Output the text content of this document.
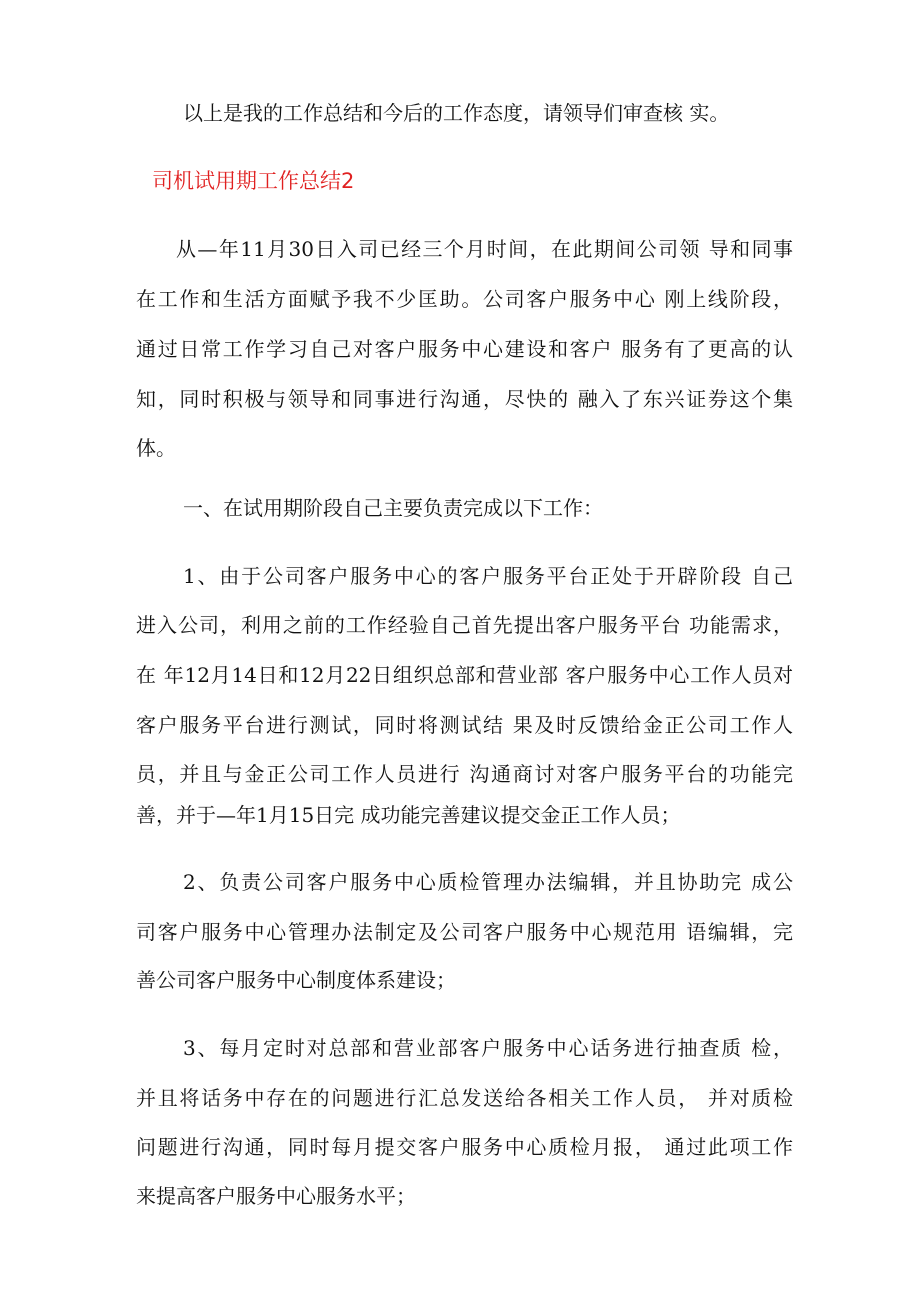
以上是我的工作总结和今后的工作态度，请领导们审查核 实。
司机试用期工作总结2
从—年11月30日入司已经三个月时间，在此期间公司领 导和同事
在工作和生活方面赋予我不少匡助。公司客户服务中心 刚上线阶段，
通过日常工作学习自己对客户服务中心建设和客户 服务有了更高的认
知，同时积极与领导和同事进行沟通，尽快的 融入了东兴证券这个集
体。
一、在试用期阶段自己主要负责完成以下工作：
1、由于公司客户服务中心的客户服务平台正处于开辟阶段 自己
进入公司，利用之前的工作经验自己首先提出客户服务平台 功能需求，
在 年12月14日和12月22日组织总部和营业部 客户服务中心工作人员对
客户服务平台进行测试，同时将测试结 果及时反馈给金正公司工作人
员，并且与金正公司工作人员进行 沟通商讨对客户服务平台的功能完
善，并于—年1月15日完 成功能完善建议提交金正工作人员；
2、负责公司客户服务中心质检管理办法编辑，并且协助完 成公
司客户服务中心管理办法制定及公司客户服务中心规范用 语编辑，完
善公司客户服务中心制度体系建设；
3、每月定时对总部和营业部客户服务中心话务进行抽查质 检，
并且将话务中存在的问题进行汇总发送给各相关工作人员， 并对质检
问题进行沟通，同时每月提交客户服务中心质检月报， 通过此项工作
来提高客户服务中心服务水平；
